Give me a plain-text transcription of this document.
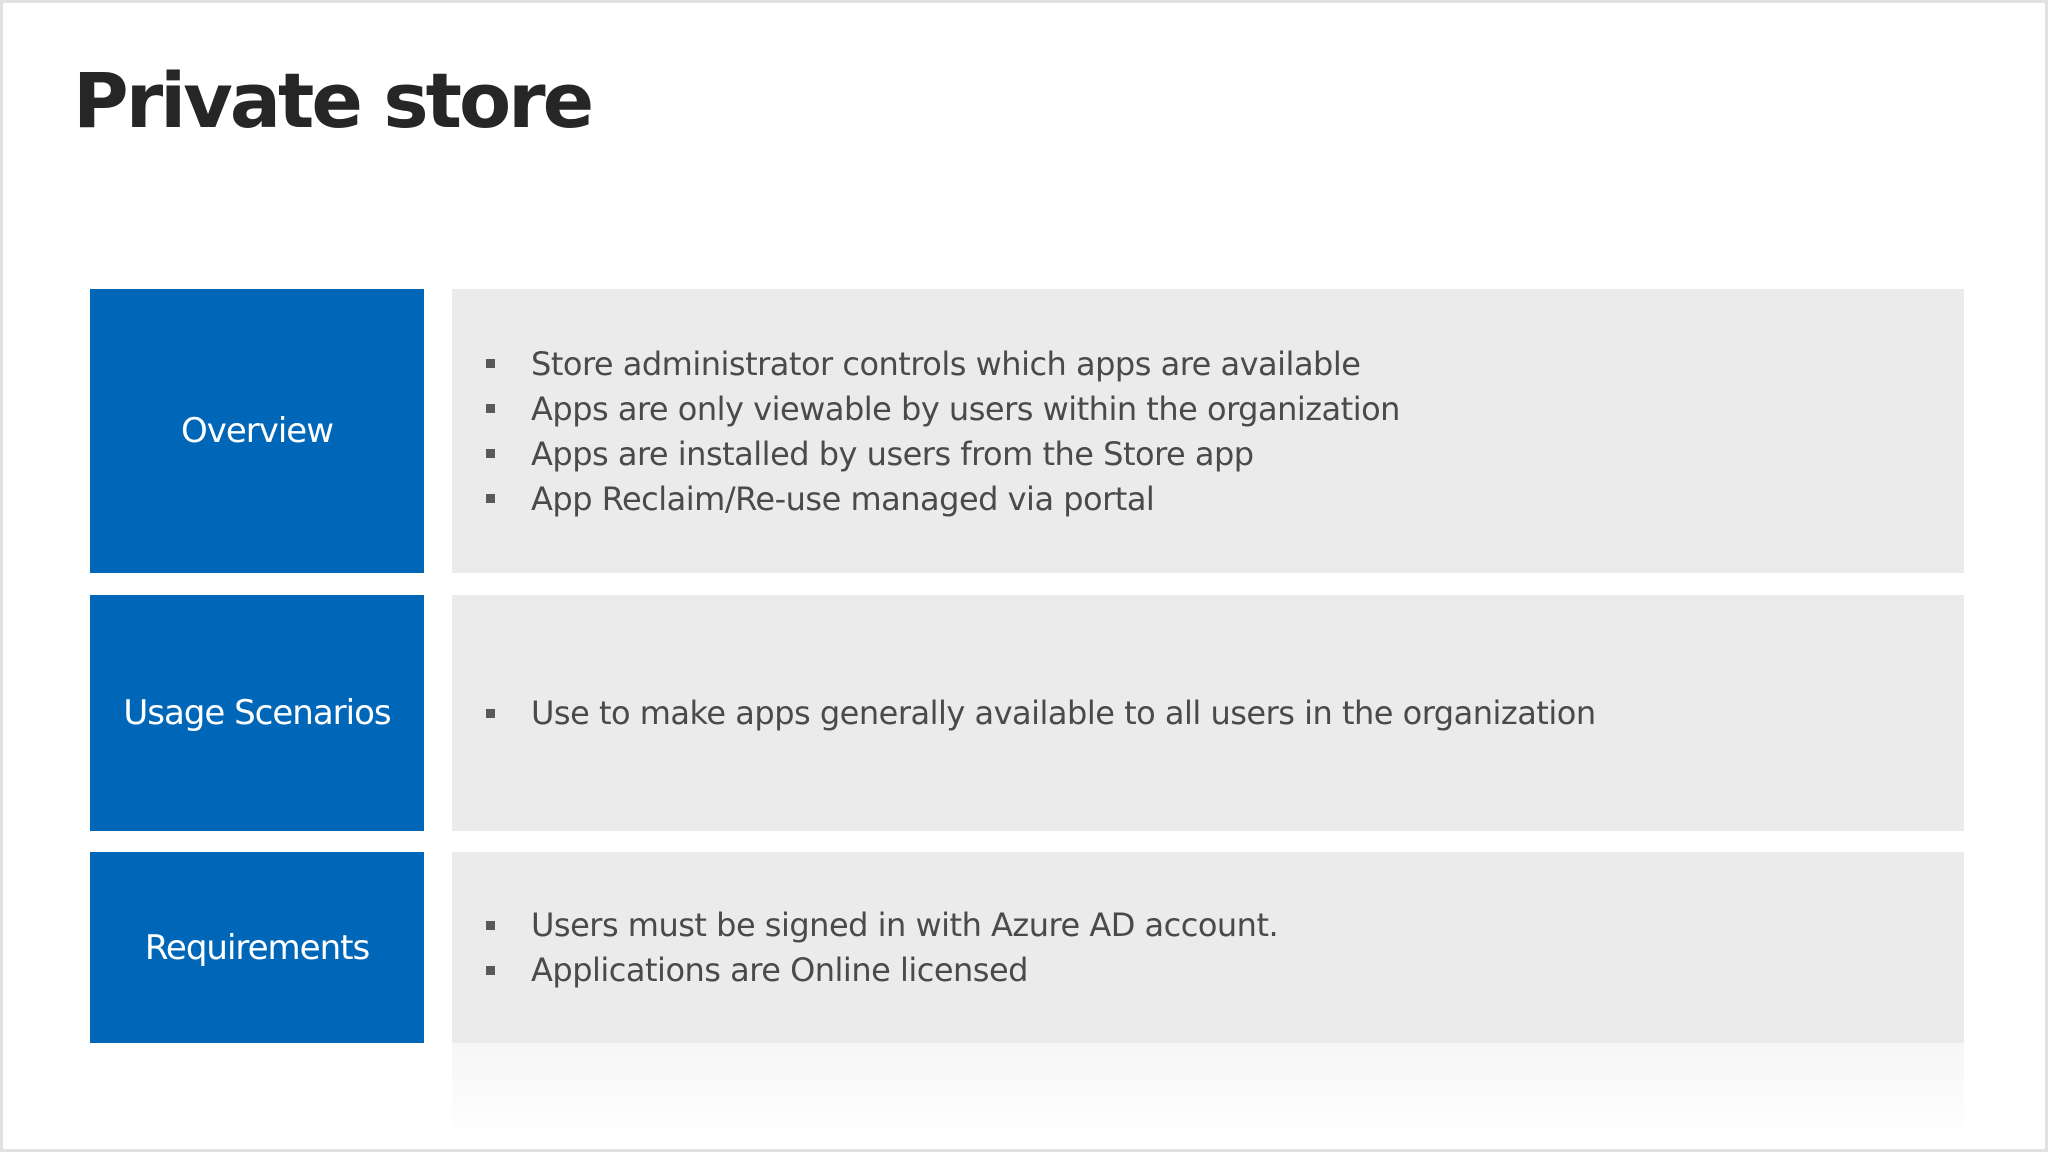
Private store
Overview
Store administrator controls which apps are available
Apps are only viewable by users within the organization
Apps are installed by users from the Store app
App Reclaim/Re-use managed via portal
Usage Scenarios	Use to make apps generally available to all users in the organization
Requirements
Users must be signed in with Azure AD account.
Applications are Online licensed
